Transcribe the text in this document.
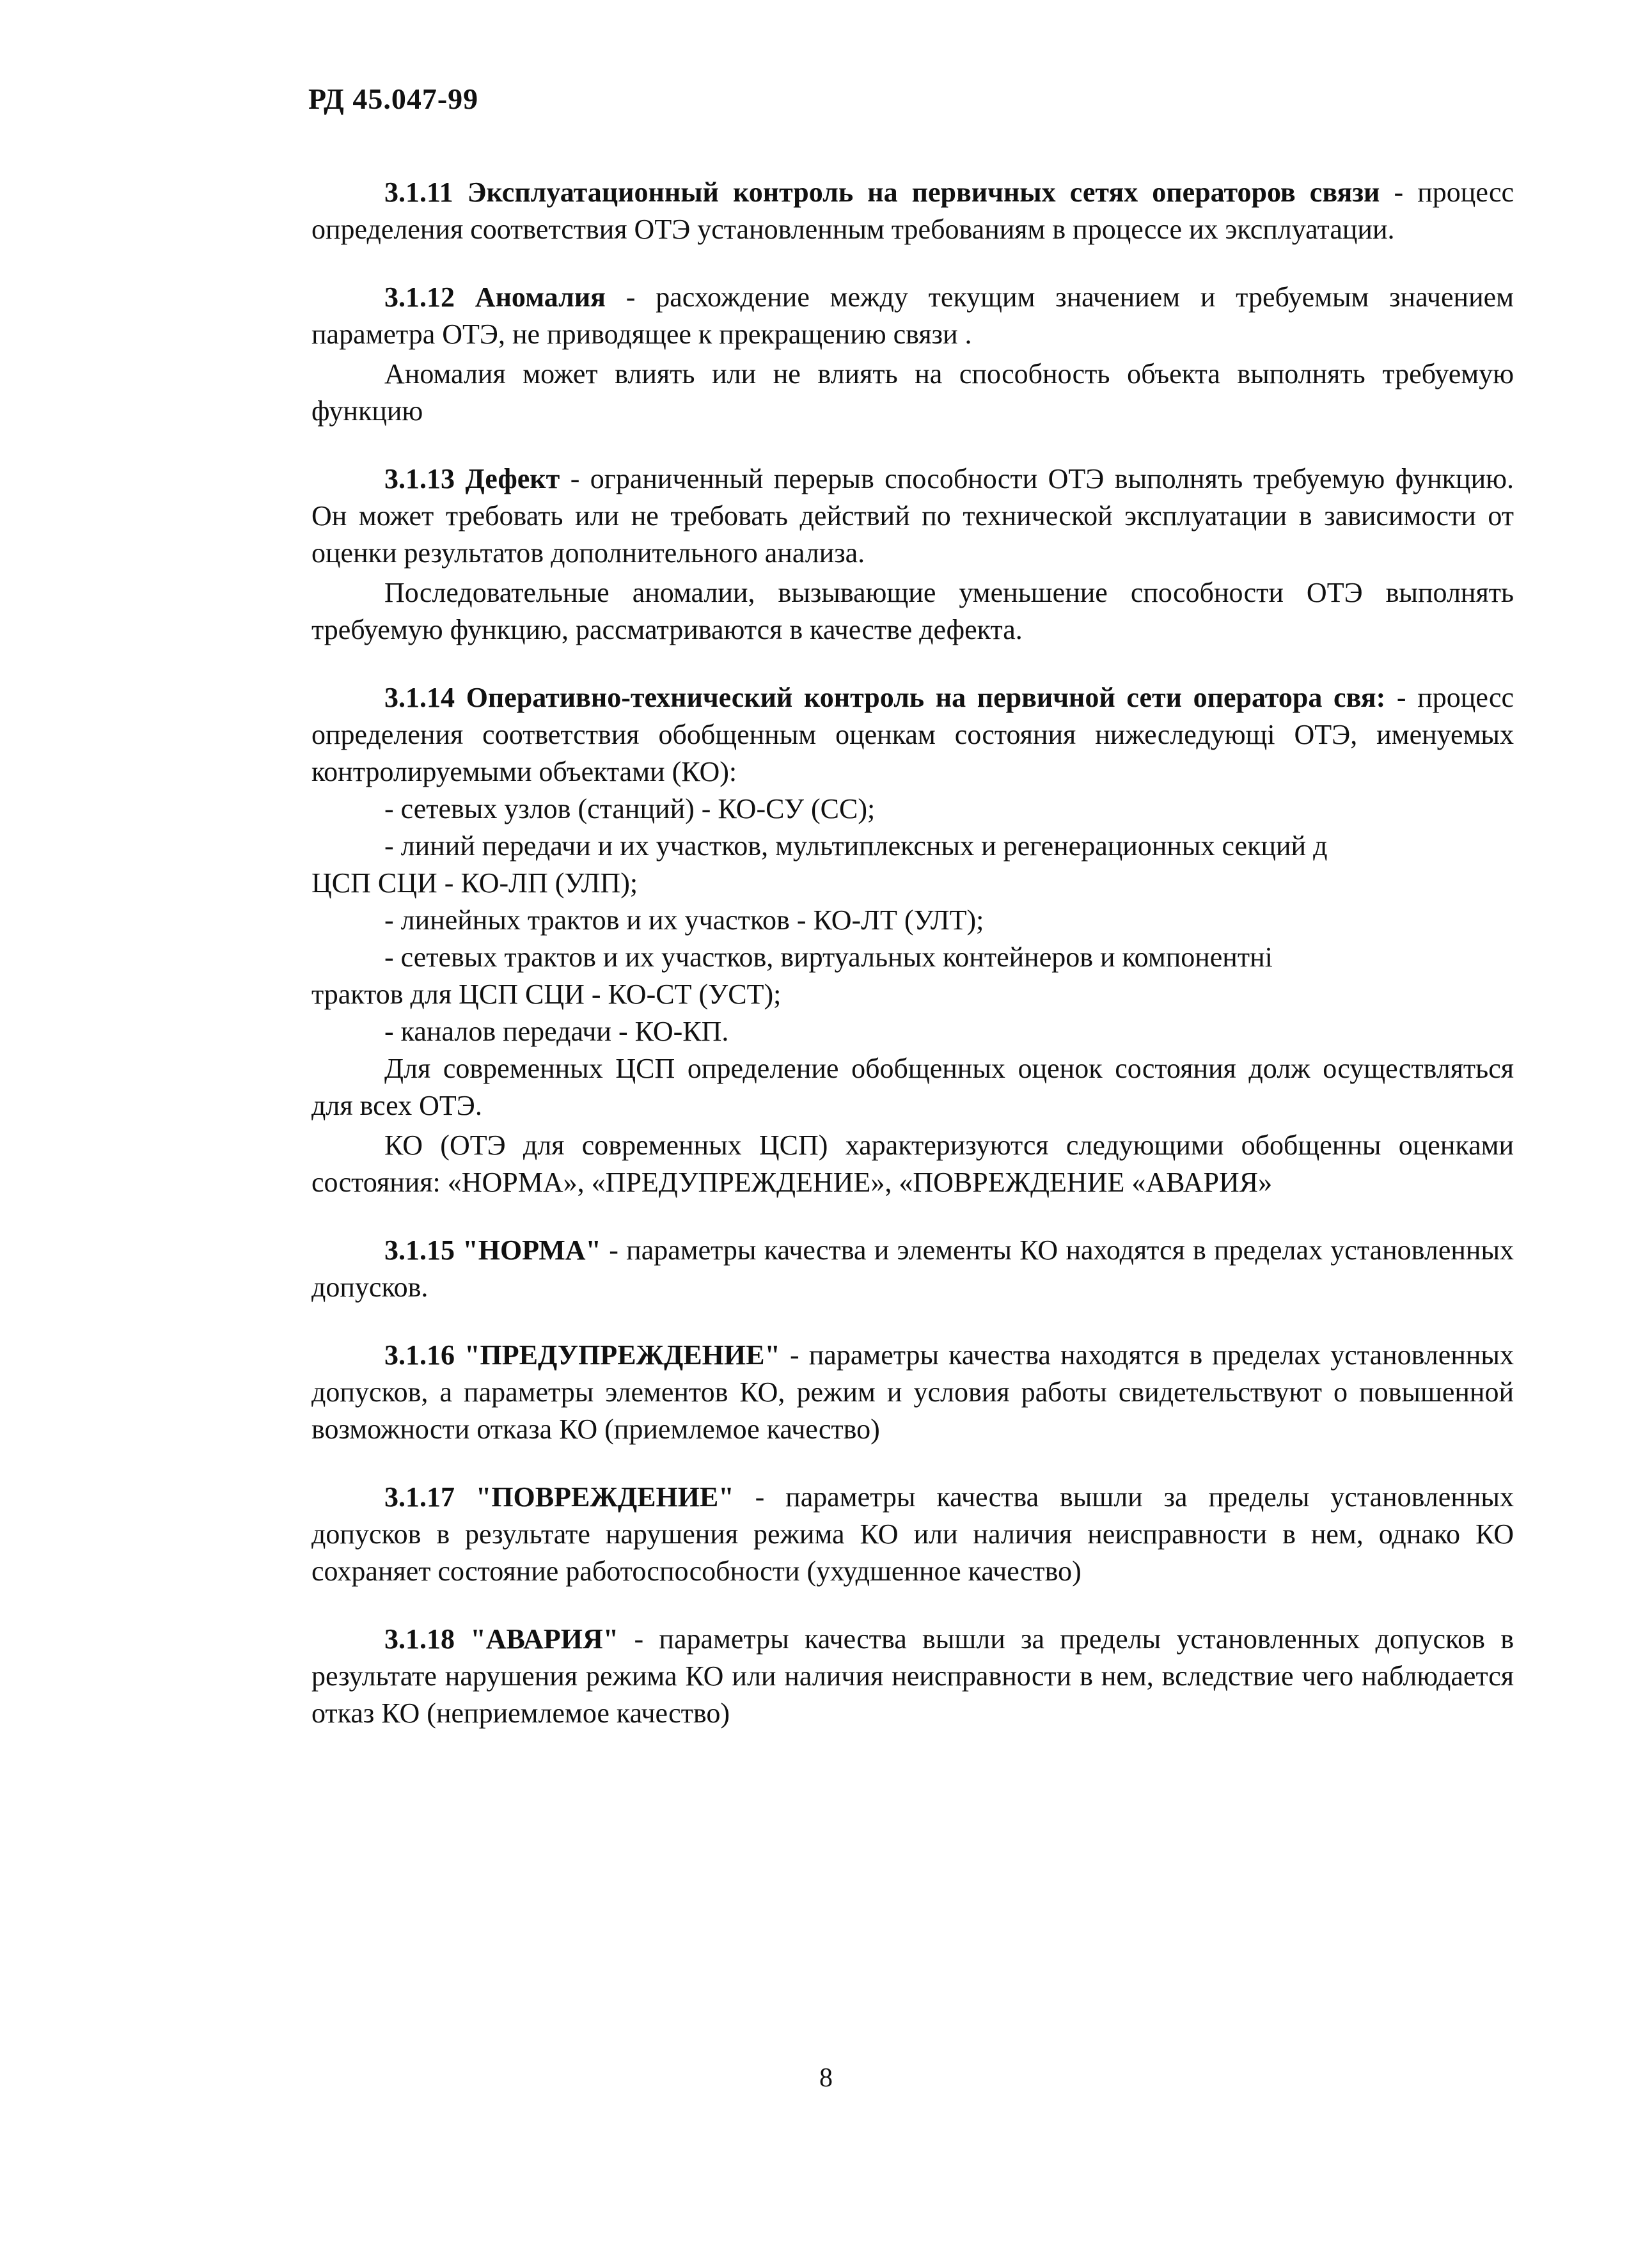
РД 45.047-99

3.1.11 Эксплуатационный контроль на первичных сетях операторов связи - процесс определения соответствия ОТЭ установленным требованиям в процессе их эксплуатации.

3.1.12 Аномалия - расхождение между текущим значением и требуемым значением параметра ОТЭ, не приводящее к прекращению связи .

Аномалия может влиять или не влиять на способность объекта выполнять требуемую функцию

3.1.13 Дефект - ограниченный перерыв способности ОТЭ выполнять требуемую функцию. Он может требовать или не требовать действий по технической эксплуатации в зависимости от оценки результатов дополнительного анализа.

Последовательные аномалии, вызывающие уменьшение способности ОТЭ выполнять требуемую функцию, рассматриваются в качестве дефекта.

3.1.14 Оперативно-технический контроль на первичной сети оператора свя: - процесс определения соответствия обобщенным оценкам состояния нижеследующі ОТЭ, именуемых контролируемыми объектами (КО):

- сетевых узлов (станций) - КО-СУ (СС);

- линий передачи и их участков, мультиплексных и регенерационных секций д
ЦСП СЦИ - КО-ЛП (УЛП);

- линейных трактов и их участков - КО-ЛТ (УЛТ);

- сетевых трактов и их участков, виртуальных контейнеров и компонентні
трактов для ЦСП СЦИ - КО-СТ (УСТ);

- каналов передачи - КО-КП.

Для современных ЦСП определение обобщенных оценок состояния долж осуществляться для всех ОТЭ.

КО (ОТЭ для современных ЦСП) характеризуются следующими обобщенны оценками состояния: «НОРМА», «ПРЕДУПРЕЖДЕНИЕ», «ПОВРЕЖДЕНИЕ «АВАРИЯ»

3.1.15 "НОРМА" - параметры качества и элементы КО находятся в пределах установленных допусков.

3.1.16 "ПРЕДУПРЕЖДЕНИЕ" - параметры качества находятся в пределах установленных допусков, а параметры элементов КО, режим и условия работы свидетельствуют о повышенной возможности отказа КО (приемлемое качество)

3.1.17 "ПОВРЕЖДЕНИЕ" - параметры качества вышли за пределы установленных допусков в результате нарушения режима КО или наличия неисправности в нем, однако КО сохраняет состояние работоспособности (ухудшенное качество)

3.1.18 "АВАРИЯ" - параметры качества вышли за пределы установленных допусков в результате нарушения режима КО или наличия неисправности в нем, вследствие чего наблюдается отказ КО (неприемлемое качество)

8
